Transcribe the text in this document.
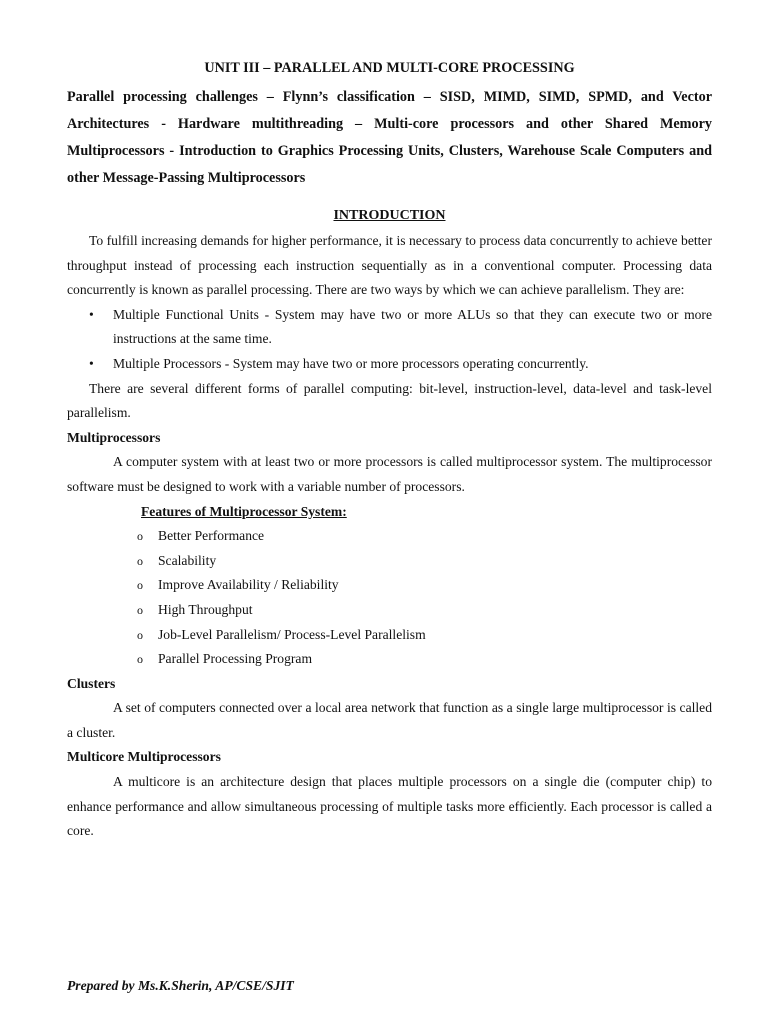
UNIT III – PARALLEL AND MULTI-CORE PROCESSING

Parallel processing challenges – Flynn’s classification – SISD, MIMD, SIMD, SPMD, and Vector Architectures - Hardware multithreading – Multi-core processors and other Shared Memory Multiprocessors - Introduction to Graphics Processing Units, Clusters, Warehouse Scale Computers and other Message-Passing Multiprocessors

INTRODUCTION

To fulfill increasing demands for higher performance, it is necessary to process data concurrently to achieve better throughput instead of processing each instruction sequentially as in a conventional computer. Processing data concurrently is known as parallel processing. There are two ways by which we can achieve parallelism. They are:

• Multiple Functional Units - System may have two or more ALUs so that they can execute two or more instructions at the same time.
• Multiple Processors - System may have two or more processors operating concurrently.

There are several different forms of parallel computing: bit-level, instruction-level, data-level and task-level parallelism.

Multiprocessors

A computer system with at least two or more processors is called multiprocessor system. The multiprocessor software must be designed to work with a variable number of processors.

Features of Multiprocessor System:
o Better Performance
o Scalability
o Improve Availability / Reliability
o High Throughput
o Job-Level Parallelism/ Process-Level Parallelism
o Parallel Processing Program
Clusters

A set of computers connected over a local area network that function as a single large multiprocessor is called a cluster.

Multicore Multiprocessors

A multicore is an architecture design that places multiple processors on a single die (computer chip) to enhance performance and allow simultaneous processing of multiple tasks more efficiently. Each processor is called a core.

Prepared by Ms.K.Sherin, AP/CSE/SJIT
